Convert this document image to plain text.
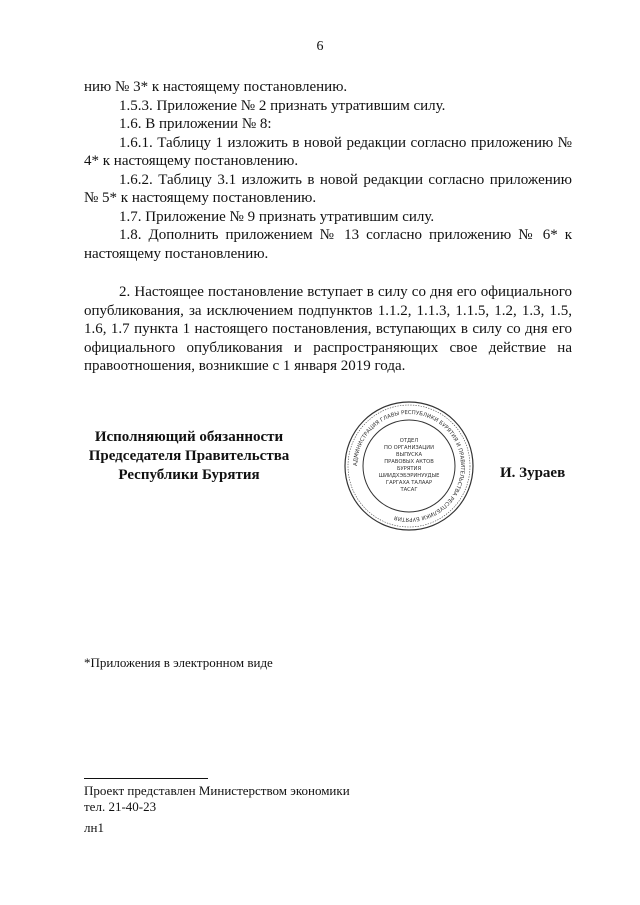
6

нию № 3* к настоящему постановлению.

1.5.3. Приложение № 2 признать утратившим силу.

1.6. В приложении № 8:

1.6.1. Таблицу 1 изложить в новой редакции согласно приложению № 4* к настоящему постановлению.

1.6.2. Таблицу 3.1 изложить в новой редакции согласно приложению № 5* к настоящему постановлению.

1.7. Приложение № 9 признать утратившим силу.

1.8. Дополнить приложением № 13 согласно приложению № 6* к настоящему постановлению.

2. Настоящее постановление вступает в силу со дня его официального опубликования, за исключением подпунктов 1.1.2, 1.1.3, 1.1.5, 1.2, 1.3, 1.5, 1.6, 1.7 пункта 1 настоящего постановления, вступающих в силу со дня его официального опубликования и распространяющих свое действие на правоотношения, возникшие с 1 января 2019 года.

Исполняющий обязанности
Председателя Правительства
Республики Бурятия
АДМИНИСТРАЦИЯ ГЛАВЫ РЕСПУБЛИКИ БУРЯТИЯ И ПРАВИТЕЛЬСТВА РЕСПУБЛИКИ БУРЯТИЯ
ОТДЕЛ
ПО ОРГАНИЗАЦИИ
ВЫПУСКА
ПРАВОВЫХ АКТОВ
БУРЯТИЯ
ШИИДХЭБЭРИНУУДЫЕ
ГАРГАХА ТАЛААР
ТАСАГ
И. Зураев
*Приложения в электронном виде
Проект представлен Министерством экономики
тел. 21-40-23
лн1
